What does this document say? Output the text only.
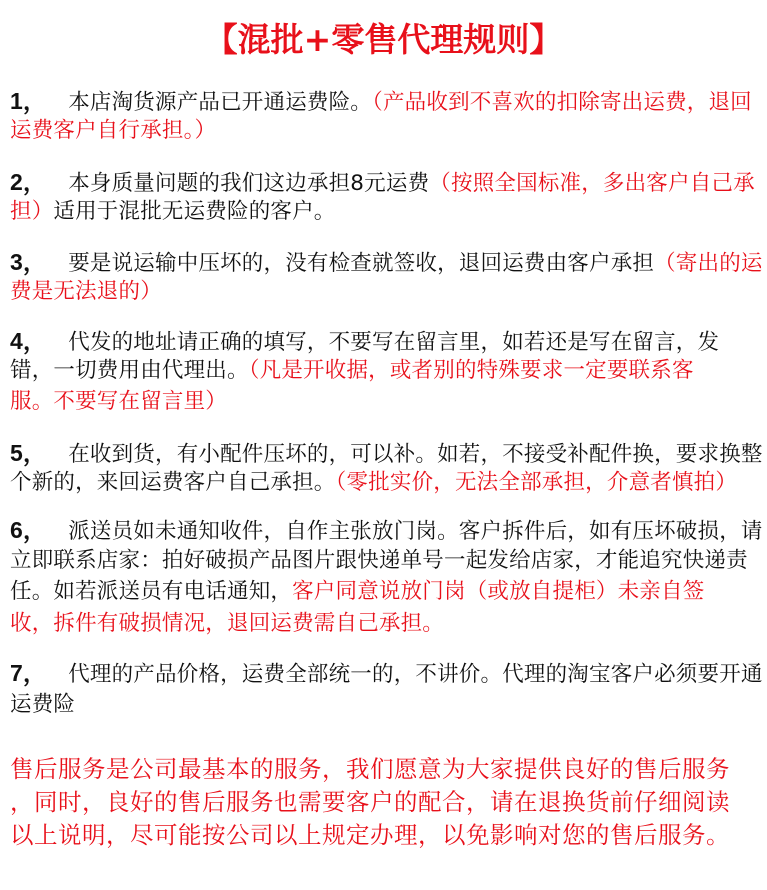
【混批+零售代理规则】
1， 本店淘货源产品已开通运费险。（产品收到不喜欢的扣除寄出运费，退回
运费客户自行承担。）
2， 本身质量问题的我们这边承担8元运费（按照全国标准，多出客户自己承
担）适用于混批无运费险的客户。
3， 要是说运输中压坏的，没有检查就签收，退回运费由客户承担（寄出的运
费是无法退的）
4， 代发的地址请正确的填写，不要写在留言里，如若还是写在留言，发
错，一切费用由代理出。（凡是开收据，或者别的特殊要求一定要联系客
服。不要写在留言里）
5， 在收到货，有小配件压坏的，可以补。如若，不接受补配件换，要求换整
个新的，来回运费客户自己承担。（零批实价，无法全部承担，介意者慎拍）
6， 派送员如未通知收件，自作主张放门岗。客户拆件后，如有压坏破损，请
立即联系店家：拍好破损产品图片跟快递单号一起发给店家，才能追究快递责
任。如若派送员有电话通知，客户同意说放门岗（或放自提柜）未亲自签
收，拆件有破损情况，退回运费需自己承担。
7， 代理的产品价格，运费全部统一的，不讲价。代理的淘宝客户必须要开通
运费险
售后服务是公司最基本的服务，我们愿意为大家提供良好的售后服务
，同时，良好的售后服务也需要客户的配合，请在退换货前仔细阅读
以上说明，尽可能按公司以上规定办理，以免影响对您的售后服务。
